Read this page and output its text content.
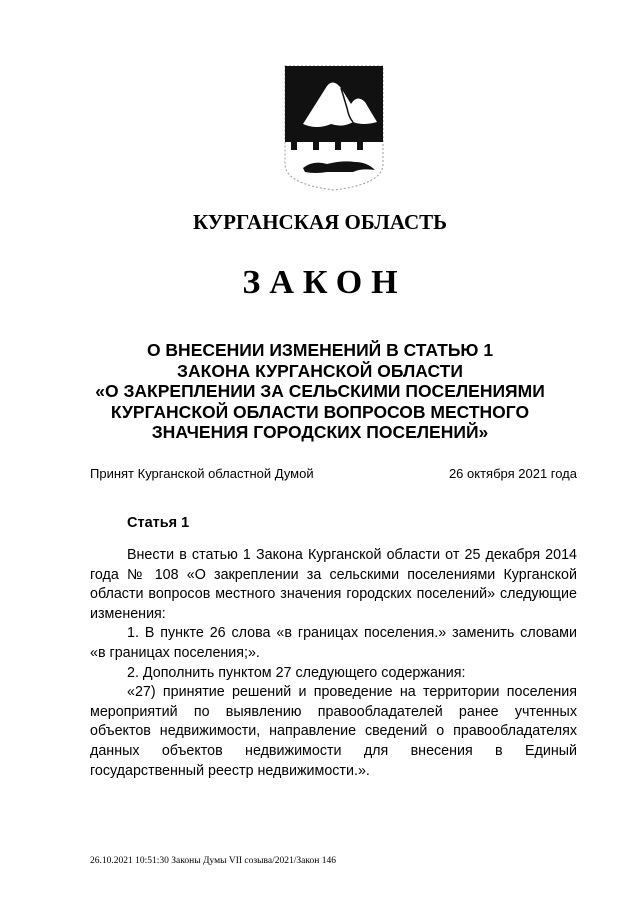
КУРГАНСКАЯ ОБЛАСТЬ
ЗАКОН
О ВНЕСЕНИИ ИЗМЕНЕНИЙ В СТАТЬЮ 1
ЗАКОНА КУРГАНСКОЙ ОБЛАСТИ
«О ЗАКРЕПЛЕНИИ ЗА СЕЛЬСКИМИ ПОСЕЛЕНИЯМИ
КУРГАНСКОЙ ОБЛАСТИ ВОПРОСОВ МЕСТНОГО
ЗНАЧЕНИЯ ГОРОДСКИХ ПОСЕЛЕНИЙ»
Принят Курганской областной Думой	26 октября 2021 года
Статья 1

Внести в статью 1 Закона Курганской области от 25 декабря 2014 года № 108 «О закреплении за сельскими поселениями Курганской области вопросов местного значения городских поселений» следующие изменения:

1. В пункте 26 слова «в границах поселения.» заменить словами «в границах поселения;».

2. Дополнить пунктом 27 следующего содержания:

«27) принятие решений и проведение на территории поселения мероприятий по выявлению правообладателей ранее учтенных объектов недвижимости, направление сведений о правообладателях данных объектов недвижимости для внесения в Единый государственный реестр недвижимости.».

26.10.2021 10:51:30 Законы Думы VII созыва/2021/Закон 146
